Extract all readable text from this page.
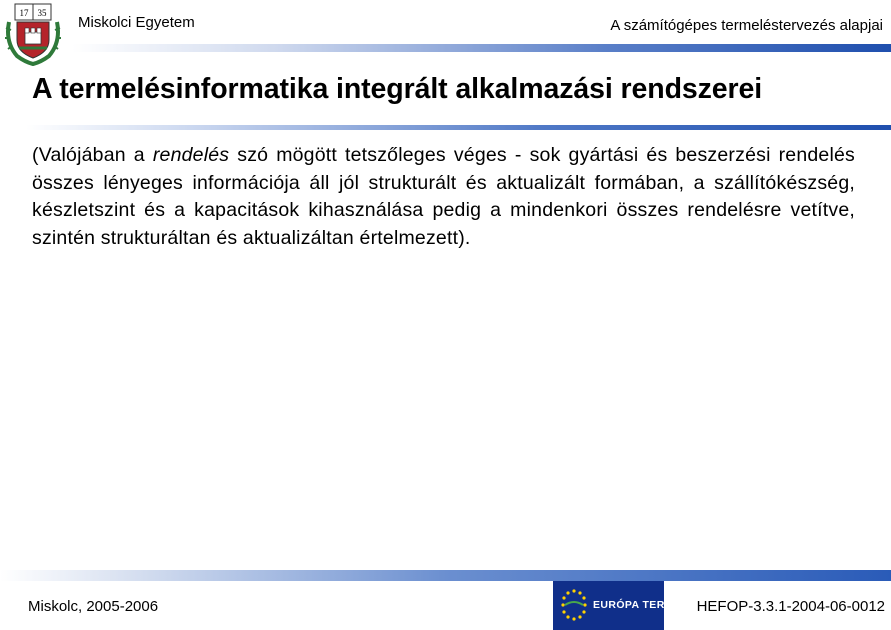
17 35
Miskolci Egyetem	A számítógépes termeléstervezés alapjai
A termelésinformatika integrált alkalmazási rendszerei
(Valójában a rendelés szó mögött tetszőleges véges - sok gyártási és beszerzési rendelés összes lényeges információja áll jól strukturált és aktualizált formában, a szállítókészség, készletszint és a kapacitások kihasználása pedig a mindenkori összes rendelésre vetítve, szintén strukturáltan és aktualizáltan értelmezett).
Miskolc, 2005-2006	EURÓPA TERV HEFOP-3.3.1-2004-06-0012
